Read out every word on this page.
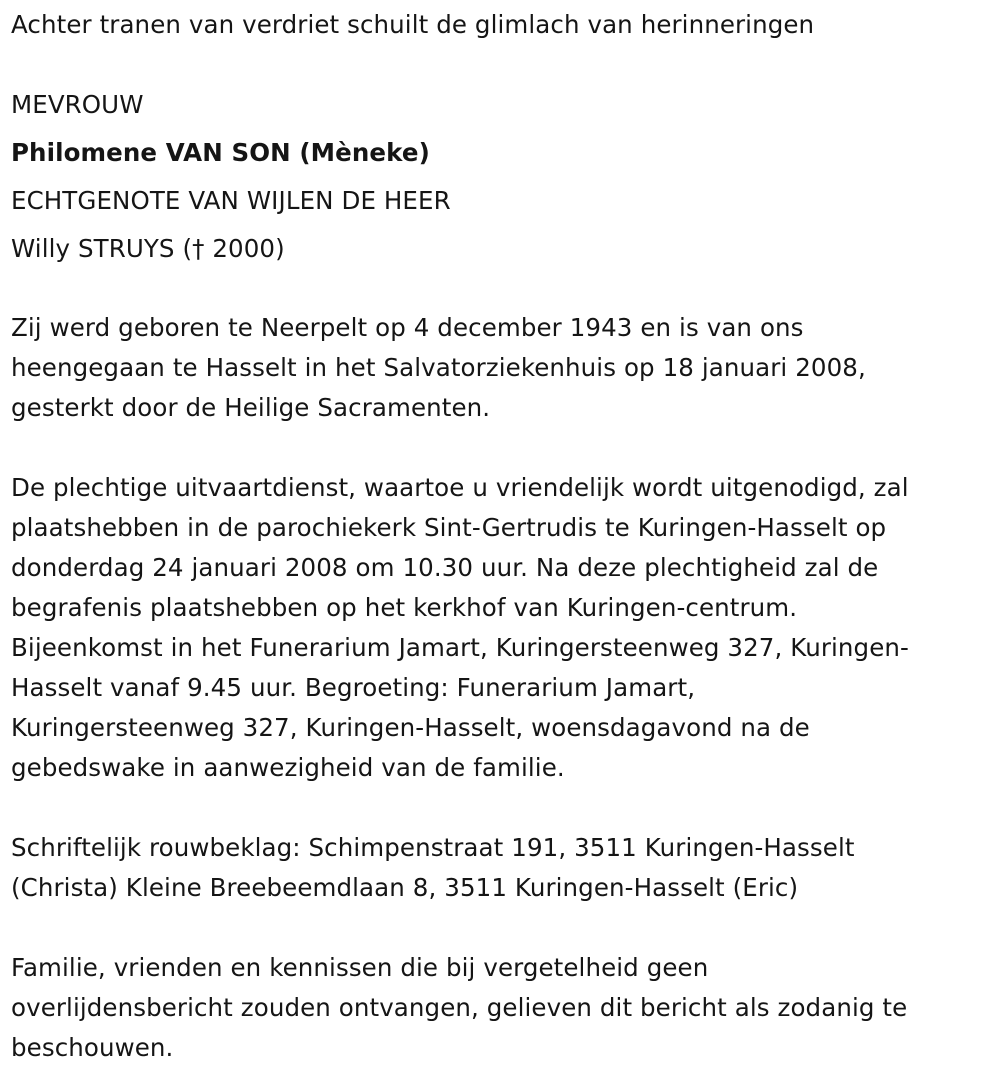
Achter tranen van verdriet schuilt de glimlach van herinneringen
MEVROUW
Philomene VAN SON (Mèneke)
ECHTGENOTE VAN WIJLEN DE HEER
Willy STRUYS († 2000)
Zij werd geboren te Neerpelt op 4 december 1943 en is van ons
heengegaan te Hasselt in het Salvatorziekenhuis op 18 januari 2008,
gesterkt door de Heilige Sacramenten.
De plechtige uitvaartdienst, waartoe u vriendelijk wordt uitgenodigd, zal
plaatshebben in de parochiekerk Sint-Gertrudis te Kuringen-Hasselt op
donderdag 24 januari 2008 om 10.30 uur. Na deze plechtigheid zal de
begrafenis plaatshebben op het kerkhof van Kuringen-centrum.
Bijeenkomst in het Funerarium Jamart, Kuringersteenweg 327, Kuringen-
Hasselt vanaf 9.45 uur. Begroeting: Funerarium Jamart,
Kuringersteenweg 327, Kuringen-Hasselt, woensdagavond na de
gebedswake in aanwezigheid van de familie.
Schriftelijk rouwbeklag: Schimpenstraat 191, 3511 Kuringen-Hasselt
(Christa) Kleine Breebeemdlaan 8, 3511 Kuringen-Hasselt (Eric)
Familie, vrienden en kennissen die bij vergetelheid geen
overlijdensbericht zouden ontvangen, gelieven dit bericht als zodanig te
beschouwen.
